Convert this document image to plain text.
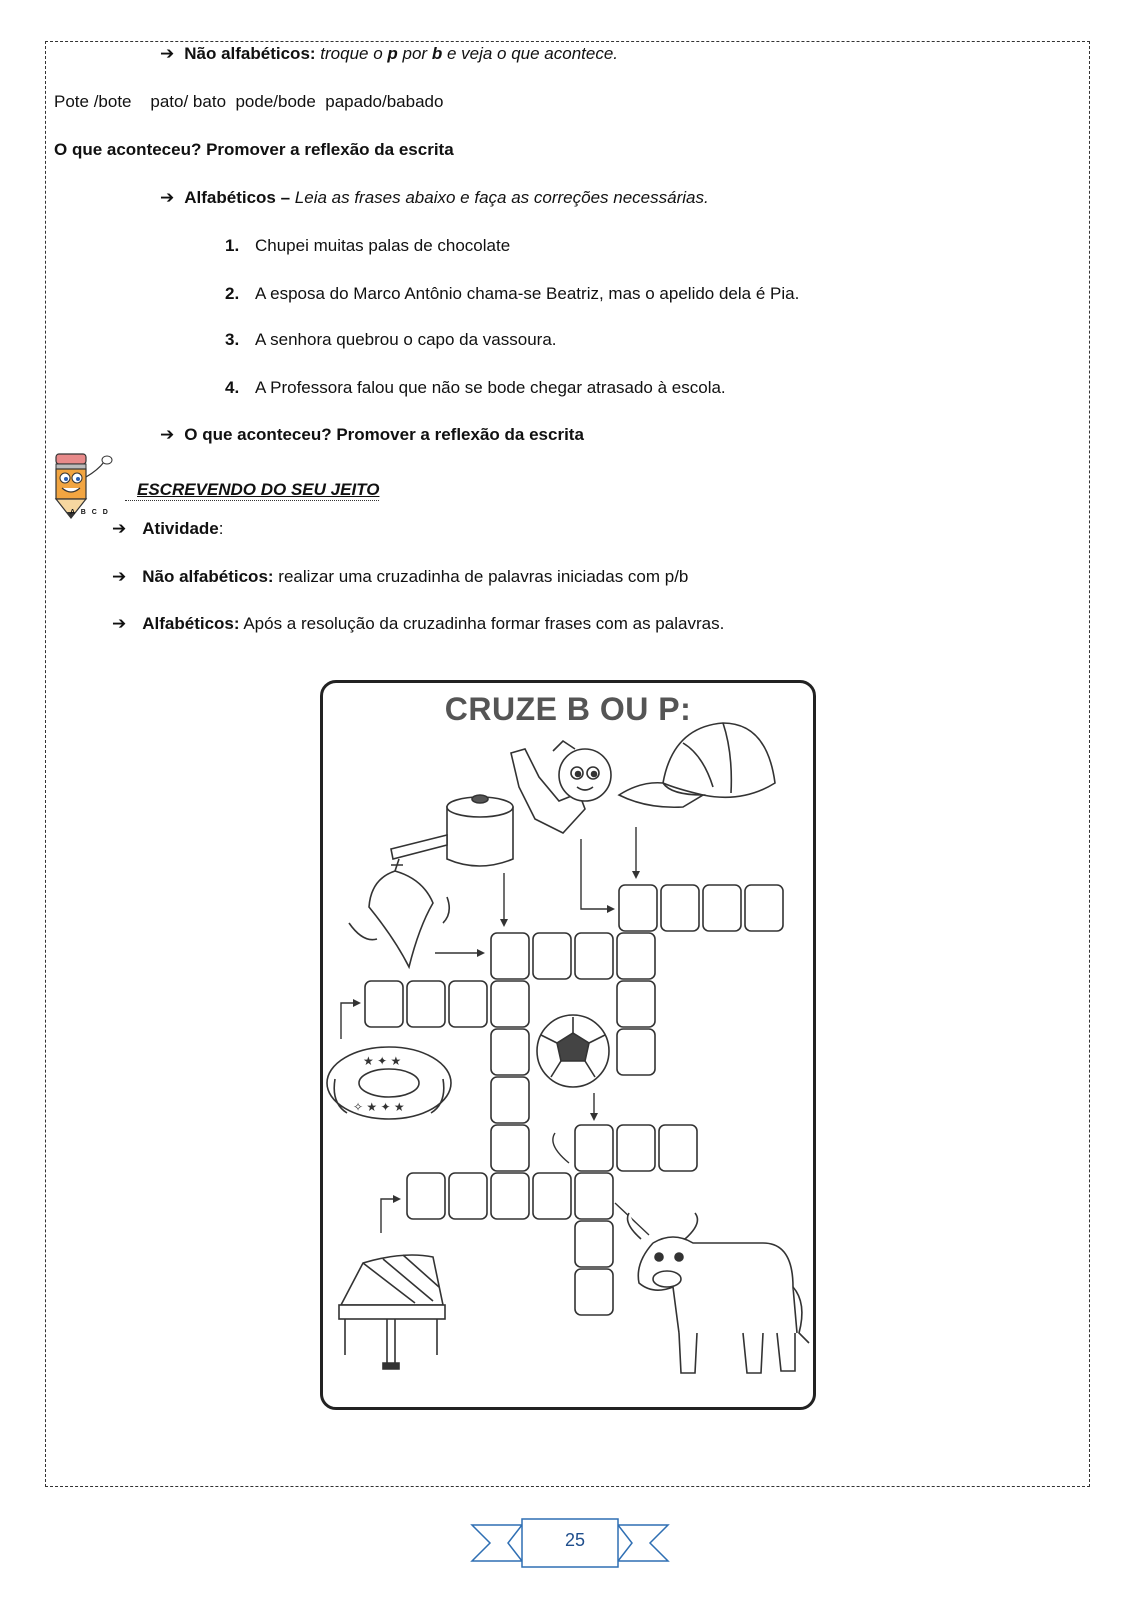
➔ Não alfabéticos: troque o p por b e veja o que acontece.
Pote /bote    pato/ bato  pode/bode  papado/babado
O que aconteceu? Promover a reflexão da escrita
➔ Alfabéticos – Leia as frases abaixo e faça as correções necessárias.
1. Chupei muitas palas de chocolate
2. A esposa do Marco Antônio chama-se Beatriz, mas o apelido dela é Pia.
3. A senhora quebrou o capo da vassoura.
4. A Professora falou que não se bode chegar atrasado à escola.
➔ O que aconteceu? Promover a reflexão da escrita
A B C D
ESCREVENDO DO SEU JEITO
➔ Atividade:
➔ Não alfabéticos: realizar uma cruzadinha de palavras iniciadas com p/b
➔ Alfabéticos: Após a resolução da cruzadinha formar frases com as palavras.
CRUZE B OU P:
★ ✦ ★
✧ ★ ✦ ★
25
